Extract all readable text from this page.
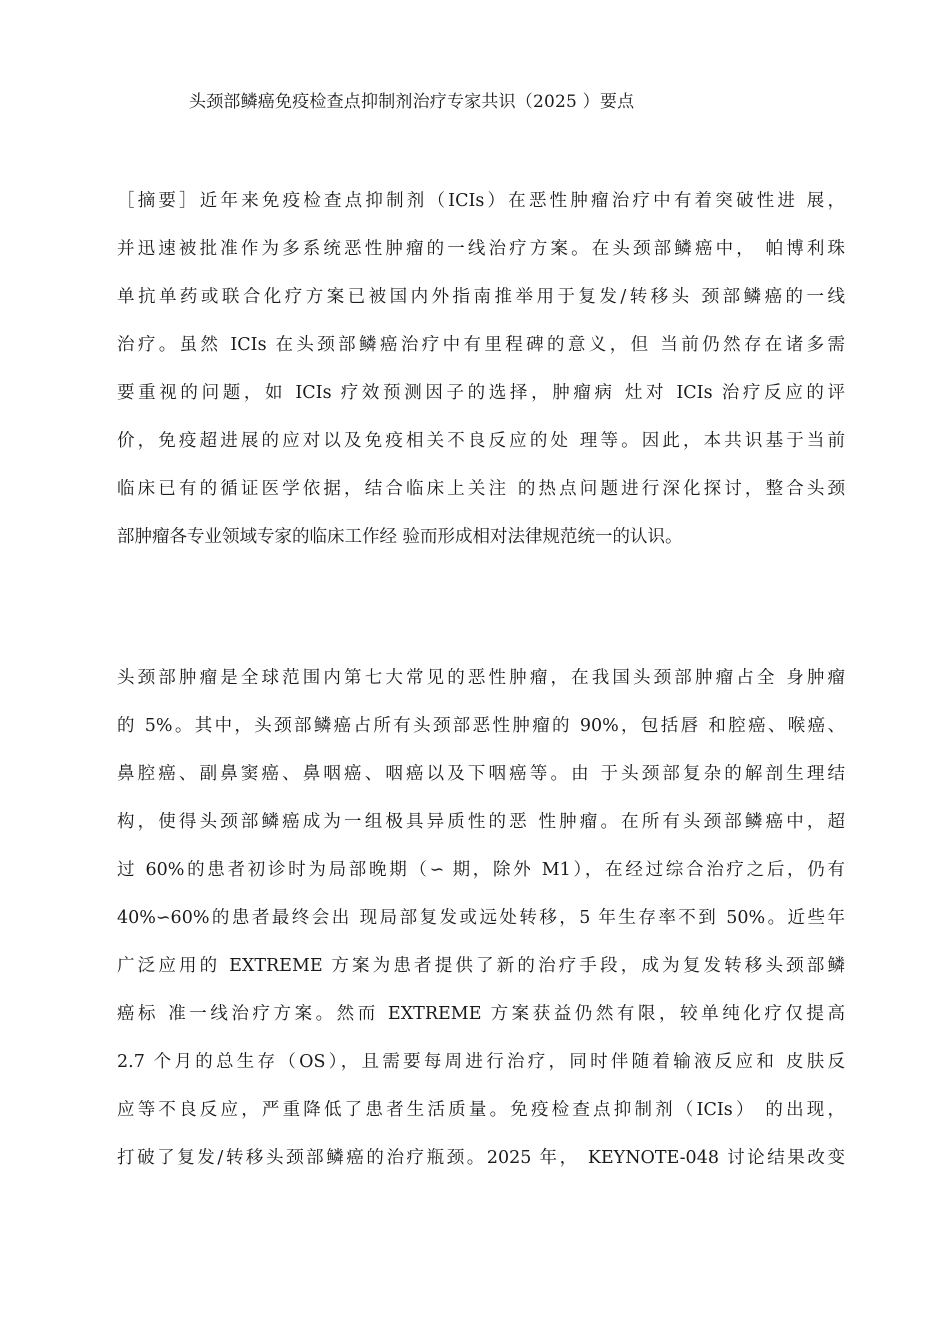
头颈部鳞癌免疫检查点抑制剂治疗专家共识（2025 ）要点
［摘要］近年来免疫检查点抑制剂（ICIs）在恶性肿瘤治疗中有着突破性进 展，
并迅速被批准作为多系统恶性肿瘤的一线治疗方案。在头颈部鳞癌中， 帕博利珠
单抗单药或联合化疗方案已被国内外指南推举用于复发/转移头 颈部鳞癌的一线
治疗。虽然 ICIs 在头颈部鳞癌治疗中有里程碑的意义，但 当前仍然存在诸多需
要重视的问题，如 ICIs 疗效预测因子的选择，肿瘤病 灶对 ICIs 治疗反应的评
价，免疫超进展的应对以及免疫相关不良反应的处 理等。因此，本共识基于当前
临床已有的循证医学依据，结合临床上关注 的热点问题进行深化探讨，整合头颈
部肿瘤各专业领域专家的临床工作经 验而形成相对法律规范统一的认识。
头颈部肿瘤是全球范围内第七大常见的恶性肿瘤，在我国头颈部肿瘤占全 身肿瘤
的 5%。其中，头颈部鳞癌占所有头颈部恶性肿瘤的 90%，包括唇 和腔癌、喉癌、
鼻腔癌、副鼻窦癌、鼻咽癌、咽癌以及下咽癌等。由 于头颈部复杂的解剖生理结
构，使得头颈部鳞癌成为一组极具异质性的恶 性肿瘤。在所有头颈部鳞癌中，超
过 60%的患者初诊时为局部晚期（∽ 期，除外 M1），在经过综合治疗之后，仍有
40%∽60%的患者最终会出 现局部复发或远处转移，5 年生存率不到 50%。近些年
广泛应用的 EXTREME 方案为患者提供了新的治疗手段，成为复发转移头颈部鳞
癌标 准一线治疗方案。然而 EXTREME 方案获益仍然有限，较单纯化疗仅提高
2.7 个月的总生存（OS），且需要每周进行治疗，同时伴随着输液反应和 皮肤反
应等不良反应，严重降低了患者生活质量。免疫检查点抑制剂（ICIs） 的出现，
打破了复发/转移头颈部鳞癌的治疗瓶颈。2025 年， KEYNOTE-048 讨论结果改变
